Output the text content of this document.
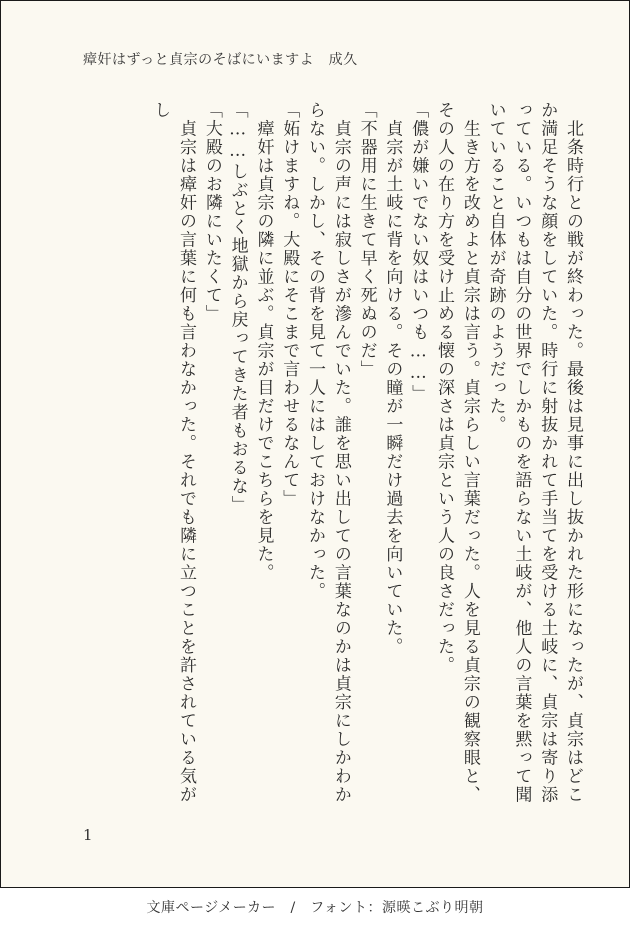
瘴奸はずっと貞宗のそばにいますよ　成久

　北条時行との戦が終わった。最後は見事に出し抜かれた形になったが、貞宗はどこか満足そうな顔をしていた。時行に射抜かれて手当てを受ける土岐に、貞宗は寄り添っている。いつもは自分の世界でしかものを語らない土岐が、他人の言葉を黙って聞いていること自体が奇跡のようだった。

　生き方を改めよと貞宗は言う。貞宗らしい言葉だった。人を見る貞宗の観察眼と、その人の在り方を受け止める懐の深さは貞宗という人の良さだった。

「儂が嫌いでない奴はいつも……」

　貞宗が土岐に背を向ける。その瞳が一瞬だけ過去を向いていた。

「不器用に生きて早く死ぬのだ」

　貞宗の声には寂しさが滲んでいた。誰を思い出しての言葉なのかは貞宗にしかわからない。しかし、その背を見て一人にはしておけなかった。

「妬けますね。大殿にそこまで言わせるなんて」

　瘴奸は貞宗の隣に並ぶ。貞宗が目だけでこちらを見た。

「……しぶとく地獄から戻ってきた者もおるな」

「大殿のお隣にいたくて」

　貞宗は瘴奸の言葉に何も言わなかった。それでも隣に立つことを許されている気がし

1
文庫ページメーカー　/　フォント：源暎こぶり明朝
